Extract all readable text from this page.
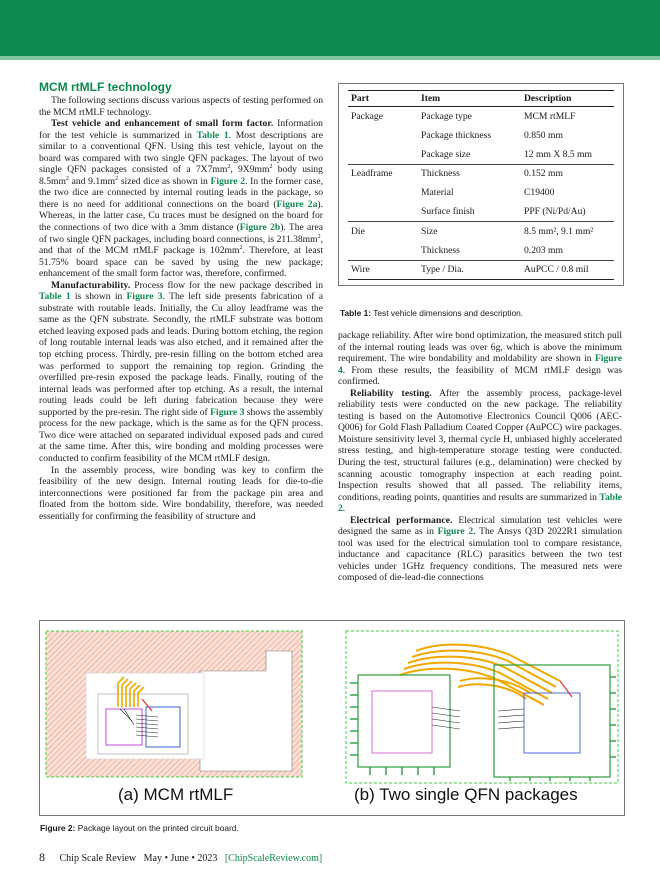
MCM rtMLF technology

The following sections discuss various aspects of testing performed on the MCM rtMLF technology.

Test vehicle and enhancement of small form factor. Information for the test vehicle is summarized in Table 1. Most descriptions are similar to a conventional QFN. Using this test vehicle, layout on the board was compared with two single QFN packages. The layout of two single QFN packages consisted of a $7X7mm^2$, $9X9mm^2$ body using $8.5mm^2$ and $9.1mm^2$ sized dice as shown in Figure 2. In the former case, the two dice are connected by internal routing leads in the package, so there is no need for additional connections on the board (Figure 2a). Whereas, in the latter case, Cu traces must be designed on the board for the connections of two dice with a 3mm distance (Figure 2b). The area of two single QFN packages, including board connections, is $211.38mm^2$, and that of the MCM rtMLF package is $102mm^2$. Therefore, at least 51.75% board space can be saved by using the new package; enhancement of the small form factor was, therefore, confirmed.

Manufacturability. Process flow for the new package described in Table 1 is shown in Figure 3. The left side presents fabrication of a substrate with routable leads. Initially, the Cu alloy leadframe was the same as the QFN substrate. Secondly, the rtMLF substrate was bottom etched leaving exposed pads and leads. During bottom etching, the region of long routable internal leads was also etched, and it remained after the top etching process. Thirdly, pre-resin filling on the bottom etched area was performed to support the remaining top region. Grinding the overfilled pre-resin exposed the package leads. Finally, routing of the internal leads was performed after top etching. As a result, the internal routing leads could be left during fabrication because they were supported by the pre-resin. The right side of Figure 3 shows the assembly process for the new package, which is the same as for the QFN process. Two dice were attached on separated individual exposed pads and cured at the same time. After this, wire bonding and molding processes were conducted to confirm feasibility of the MCM rtMLF design.

In the assembly process, wire bonding was key to confirm the feasibility of the new design. Internal routing leads for die-to-die interconnections were positioned far from the package pin area and floated from the bottom side. Wire bondability, therefore, was needed essentially for confirming the feasibility of structure and

Part	Item	Description
Package	Package type	MCM rtMLF
	Package thickness	0.850 mm
	Package size	12 mm X 8.5 mm
Leadframe	Thickness	0.152 mm
	Material	C19400
	Surface finish	PPF (Ni/Pd/Au)
Die	Size	8.5 mm², 9.1 mm²
	Thickness	0.203 mm
Wire	Type / Dia.	AuPCC / 0.8 mil
Table 1: Test vehicle dimensions and description.

package reliability. After wire bond optimization, the measured stitch pull of the internal routing leads was over 6g, which is above the minimum requirement. The wire bondability and moldability are shown in Figure 4. From these results, the feasibility of MCM rtMLF design was confirmed.

Reliability testing. After the assembly process, package-level reliability tests were conducted on the new package. The reliability testing is based on the Automotive Electronics Council Q006 (AEC-Q006) for Gold Flash Palladium Coated Copper (AuPCC) wire packages. Moisture sensitivity level 3, thermal cycle H, unbiased highly accelerated stress testing, and high-temperature storage testing were conducted. During the test, structural failures (e.g., delamination) were checked by scanning acoustic tomography inspection at each reading point. Inspection results showed that all passed. The reliability items, conditions, reading points, quantities and results are summarized in Table 2.

Electrical performance. Electrical simulation test vehicles were designed the same as in Figure 2. The Ansys Q3D 2022R1 simulation tool was used for the electrical simulation tool to compare resistance, inductance and capacitance (RLC) parasitics between the two test vehicles under 1GHz frequency conditions. The measured nets were composed of die-lead-die connections

(a) MCM rtMLF	(b) Two single QFN packages
Figure 2: Package layout on the printed circuit board.
8 Chip Scale Review May • June • 2023 [ChipScaleReview.com]
